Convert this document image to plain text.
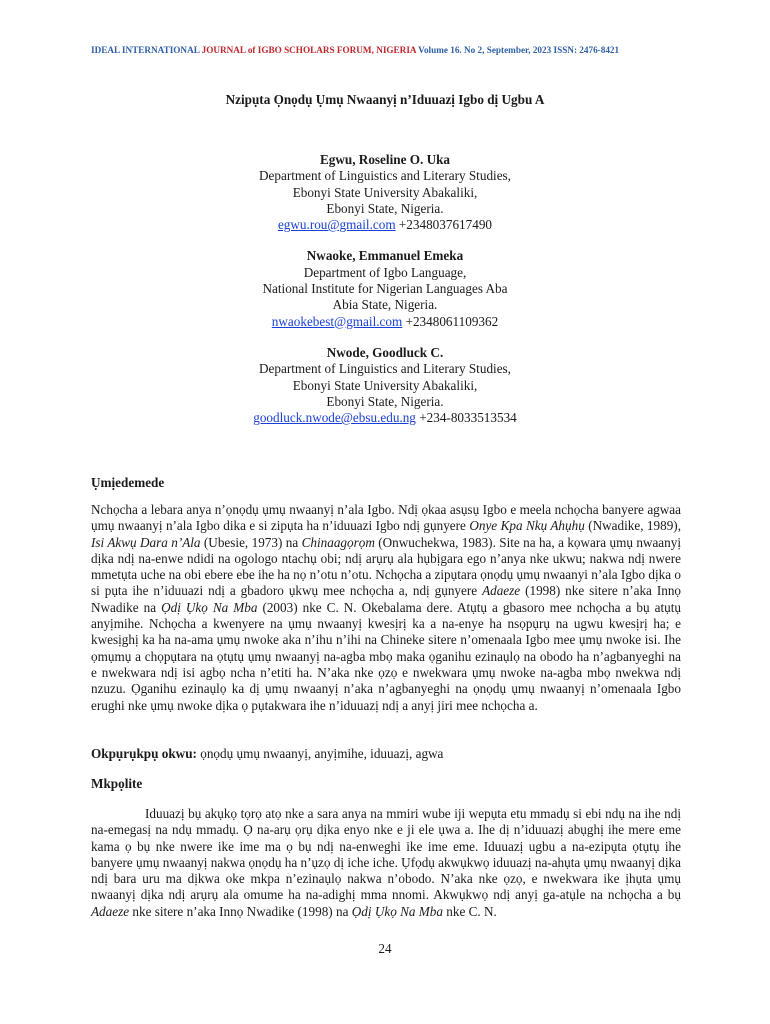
IDEAL INTERNATIONAL JOURNAL of IGBO SCHOLARS FORUM, NIGERIA Volume 16. No 2, September, 2023 ISSN: 2476-8421
Nzipụta Ọnọdụ Ụmụ Nwaanyị n’Iduuazị Igbo dị Ugbu A
Egwu, Roseline O. Uka
Department of Linguistics and Literary Studies,
Ebonyi State University Abakaliki,
Ebonyi State, Nigeria.
egwu.rou@gmail.com +2348037617490
Nwaoke, Emmanuel Emeka
Department of Igbo Language,
National Institute for Nigerian Languages Aba
Abia State, Nigeria.
nwaokebest@gmail.com +2348061109362
Nwode, Goodluck C.
Department of Linguistics and Literary Studies,
Ebonyi State University Abakaliki,
Ebonyi State, Nigeria.
goodluck.nwode@ebsu.edu.ng +234-8033513534
Ụmịedemede

Nchọcha a lebara anya n’ọnọdụ ụmụ nwaanyị n’ala Igbo. Ndị ọkaa asụsụ Igbo e meela nchọcha banyere agwaa ụmụ nwaanyị n’ala Igbo dika e si zipụta ha n’iduuazi Igbo ndị gụnyere Onye Kpa Nkụ Ahụhụ (Nwadike, 1989), Isi Akwụ Dara n’Ala (Ubesie, 1973) na Chinaagọrọm (Onwuchekwa, 1983). Site na ha, a kọwara ụmụ nwaanyị dịka ndị na-enwe ndidi na ogologo ntachụ obi; ndị arụrụ ala hụbịgara ego n’anya nke ukwu; nakwa ndị nwere mmetụta uche na obi ebere ebe ihe ha nọ n’otu n’otu. Nchọcha a zipụtara ọnọdụ ụmụ nwaanyi n’ala Igbo dịka o si pụta ihe n’iduuazi ndị a gbadoro ụkwụ mee nchọcha a, ndị gụnyere Adaeze (1998) nke sitere n’aka Innọ Nwadike na Ọdị Ụkọ Na Mba (2003) nke C. N. Okebalama dere. Atụtụ a gbasoro mee nchọcha a bụ atụtụ anyịmihe. Nchọcha a kwenyere na ụmụ nwaanyị kwesịrị ka a na-enye ha nsọpụrụ na ugwu kwesịrị ha; e kwesịghị ka ha na-ama ụmụ nwoke aka n’ihu n’ihi na Chineke sitere n’omenaala Igbo mee ụmụ nwoke isi. Ihe ọmụmụ a chọpụtara na ọtụtụ ụmụ nwaanyị na-agba mbọ maka ọganihu ezinaụlọ na obodo ha n’agbanyeghi na e nwekwara ndị isi agbọ ncha n’etiti ha. N’aka nke ọzọ e nwekwara ụmụ nwoke na-agba mbọ nwekwa ndị nzuzu. Ọganihu ezinaụlọ ka dị ụmụ nwaanyị n’aka n’agbanyeghi na ọnọdụ ụmụ nwaanyị n’omenaala Igbo erughi nke ụmụ nwoke dịka ọ pụtakwara ihe n’iduuazị ndị a anyị jiri mee nchọcha a.

Okpụrụkpụ okwu: ọnọdụ ụmụ nwaanyị, anyịmihe, iduuazị, agwa

Mkpọlite

Iduuazị bụ akụkọ tọrọ atọ nke a sara anya na mmiri wube iji wepụta etu mmadụ si ebi ndụ na ihe ndị na-emegasị na ndụ mmadụ. Ọ na-arụ ọrụ dịka enyo nke e ji ele ụwa a. Ihe dị n’iduuazị abụghị ihe mere eme kama ọ bụ nke nwere ike ime ma ọ bụ ndị na-enweghi ike ime eme. Iduuazị ugbu a na-ezipụta ọtụtụ ihe banyere ụmụ nwaanyị nakwa ọnọdụ ha n’ụzọ dị iche iche. Ụfọdụ akwụkwọ iduuazị na-ahụta ụmụ nwaanyị dịka ndị bara uru ma dịkwa oke mkpa n’ezinaụlọ nakwa n’obodo. N’aka nke ọzọ, e nwekwara ike ịhụta ụmụ nwaanyị dịka ndị arụrụ ala omume ha na-adighị mma nnomi. Akwụkwọ ndị anyị ga-atụle na nchọcha a bụ Adaeze nke sitere n’aka Innọ Nwadike (1998) na Ọdị Ụkọ Na Mba nke C. N.

24
